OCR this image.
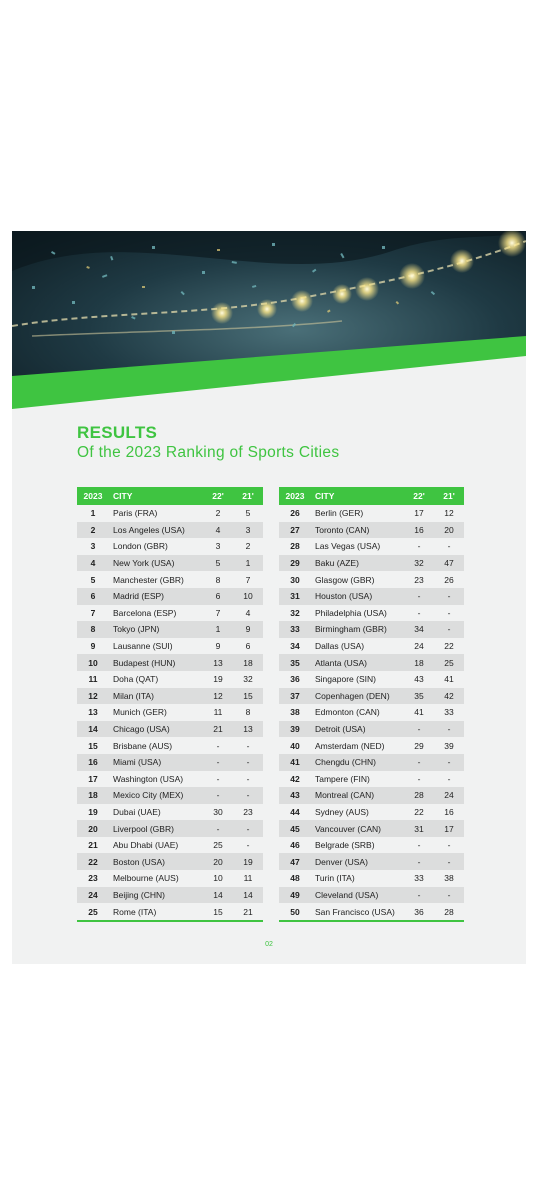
RESULTS
Of the 2023 Ranking of Sports Cities
2023	CITY	22'	21'
1	Paris (FRA)	2	5
2	Los Angeles (USA)	4	3
3	London (GBR)	3	2
4	New York (USA)	5	1
5	Manchester (GBR)	8	7
6	Madrid (ESP)	6	10
7	Barcelona (ESP)	7	4
8	Tokyo (JPN)	1	9
9	Lausanne (SUI)	9	6
10	Budapest (HUN)	13	18
11	Doha (QAT)	19	32
12	Milan (ITA)	12	15
13	Munich (GER)	11	8
14	Chicago (USA)	21	13
15	Brisbane (AUS)	-	-
16	Miami (USA)	-	-
17	Washington (USA)	-	-
18	Mexico City (MEX)	-	-
19	Dubai (UAE)	30	23
20	Liverpool (GBR)	-	-
21	Abu Dhabi (UAE)	25	-
22	Boston (USA)	20	19
23	Melbourne (AUS)	10	11
24	Beijing (CHN)	14	14
25	Rome (ITA)	15	21
2023	CITY	22'	21'
26	Berlin (GER)	17	12
27	Toronto (CAN)	16	20
28	Las Vegas (USA)	-	-
29	Baku (AZE)	32	47
30	Glasgow (GBR)	23	26
31	Houston (USA)	-	-
32	Philadelphia (USA)	-	-
33	Birmingham (GBR)	34	-
34	Dallas (USA)	24	22
35	Atlanta (USA)	18	25
36	Singapore (SIN)	43	41
37	Copenhagen (DEN)	35	42
38	Edmonton (CAN)	41	33
39	Detroit (USA)	-	-
40	Amsterdam (NED)	29	39
41	Chengdu (CHN)	-	-
42	Tampere (FIN)	-	-
43	Montreal (CAN)	28	24
44	Sydney (AUS)	22	16
45	Vancouver (CAN)	31	17
46	Belgrade (SRB)	-	-
47	Denver (USA)	-	-
48	Turin (ITA)	33	38
49	Cleveland (USA)	-	-
50	San Francisco (USA)	36	28
02
